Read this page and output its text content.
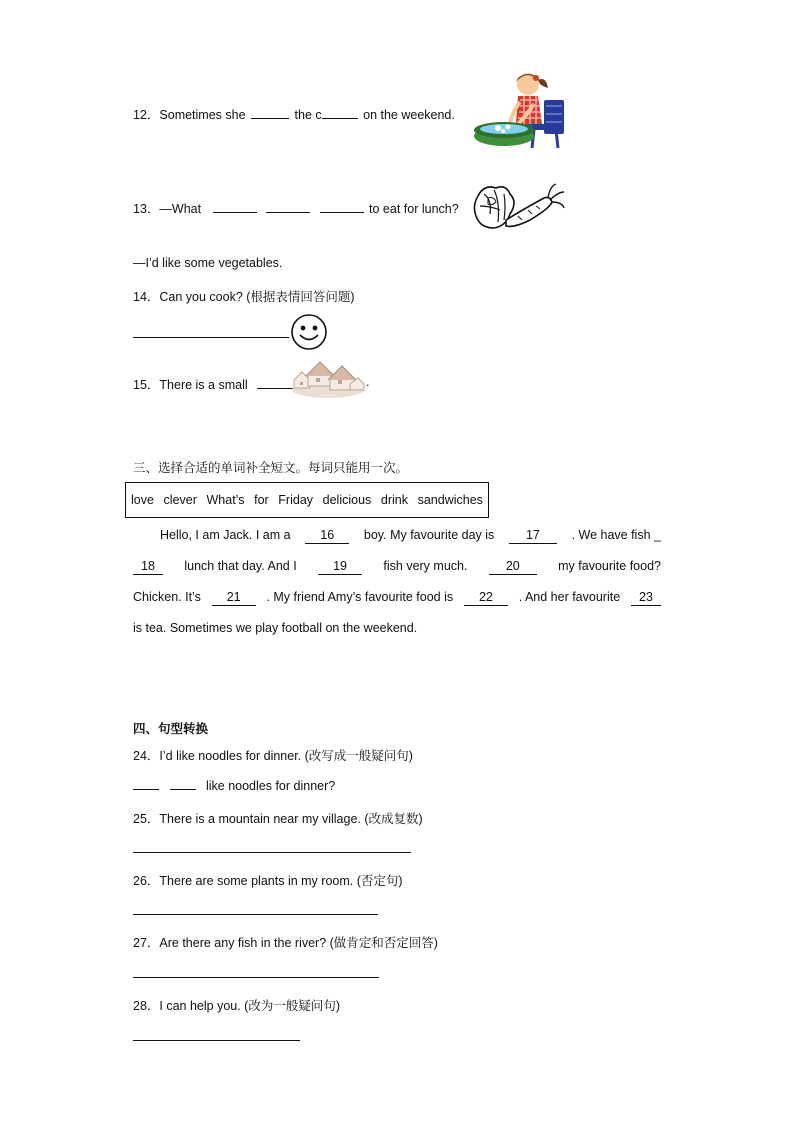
12．Sometimes she	the c	on the weekend.
13．—What	to eat for lunch?
—I’d like some vegetables.
14．Can you cook? (根据表情回答问题)
15．There is a small	.
三、选择合适的单词补全短文。每词只能用一次。
love clever What’s for Friday delicious drink sandwiches
Hello, I am Jack. I am a	16	boy. My favourite day is	17	. We have fish _
18	lunch that day. And I	19	fish very much.	20	my favourite food?
Chicken. It’s	21	. My friend Amy’s favourite food is	22	. And her favourite	23
is tea. Sometimes we play football on the weekend.
四、句型转换
24．I’d like noodles for dinner. (改写成一般疑问句)
like noodles for dinner?
25．There is a mountain near my village. (改成复数)
26．There are some plants in my room. (否定句)
27．Are there any fish in the river? (做肯定和否定回答)
28．I can help you. (改为一般疑问句)
